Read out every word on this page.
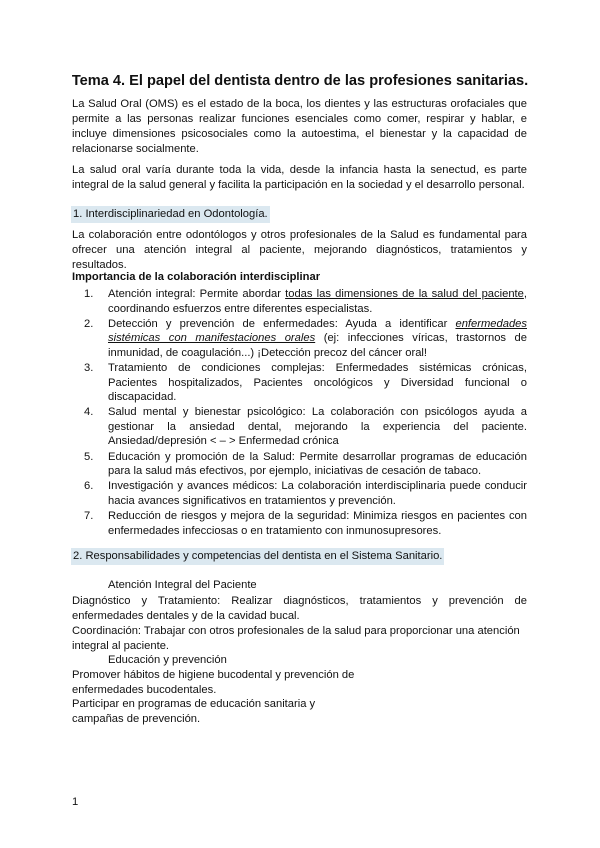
Tema 4. El papel del dentista dentro de las profesiones sanitarias.

La Salud Oral (OMS) es el estado de la boca, los dientes y las estructuras orofaciales que permite a las personas realizar funciones esenciales como comer, respirar y hablar, e incluye dimensiones psicosociales como la autoestima, el bienestar y la capacidad de relacionarse socialmente.

La salud oral varía durante toda la vida, desde la infancia hasta la senectud, es parte integral de la salud general y facilita la participación en la sociedad y el desarrollo personal.

1. Interdisciplinariedad en Odontología.

La colaboración entre odontólogos y otros profesionales de la Salud es fundamental para ofrecer una atención integral al paciente, mejorando diagnósticos, tratamientos y resultados.

Importancia de la colaboración interdisciplinar

1. Atención integral: Permite abordar todas las dimensiones de la salud del paciente, coordinando esfuerzos entre diferentes especialistas.
2. Detección y prevención de enfermedades: Ayuda a identificar enfermedades sistémicas con manifestaciones orales (ej: infecciones víricas, trastornos de inmunidad, de coagulación...) ¡Detección precoz del cáncer oral!
3. Tratamiento de condiciones complejas: Enfermedades sistémicas crónicas, Pacientes hospitalizados, Pacientes oncológicos y Diversidad funcional o discapacidad.
4. Salud mental y bienestar psicológico: La colaboración con psicólogos ayuda a gestionar la ansiedad dental, mejorando la experiencia del paciente. Ansiedad/depresión < – > Enfermedad crónica
5. Educación y promoción de la Salud: Permite desarrollar programas de educación para la salud más efectivos, por ejemplo, iniciativas de cesación de tabaco.
6. Investigación y avances médicos: La colaboración interdisciplinaria puede conducir hacia avances significativos en tratamientos y prevención.
7. Reducción de riesgos y mejora de la seguridad: Minimiza riesgos en pacientes con enfermedades infecciosas o en tratamiento con inmunosupresores.

2. Responsabilidades y competencias del dentista en el Sistema Sanitario.

Atención Integral del Paciente

Diagnóstico y Tratamiento: Realizar diagnósticos, tratamientos y prevención de enfermedades dentales y de la cavidad bucal.

Coordinación: Trabajar con otros profesionales de la salud para proporcionar una atención integral al paciente.

Educación y prevención

Promover hábitos de higiene bucodental y prevención de

enfermedades bucodentales.

Participar en programas de educación sanitaria y

campañas de prevención.

1
